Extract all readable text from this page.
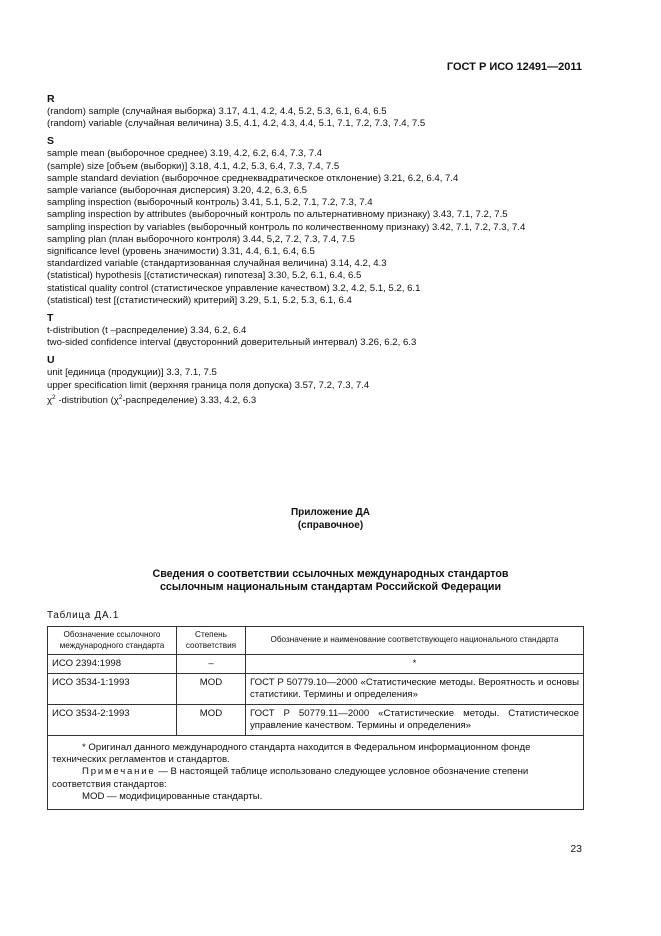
ГОСТ Р ИСО 12491—2011

R

(random) sample (случайная выборка) 3.17, 4.1, 4.2, 4.4, 5.2, 5.3, 6.1, 6.4, 6.5

(random) variable (случайная величина) 3.5, 4.1, 4.2, 4.3, 4.4, 5.1, 7.1, 7.2, 7.3, 7.4, 7.5

S

sample mean (выборочное среднее) 3.19, 4.2, 6.2, 6.4, 7.3, 7.4

(sample) size [объем (выборки)] 3.18, 4.1, 4.2, 5.3, 6.4, 7.3, 7.4, 7.5

sample standard deviation (выборочное среднеквадратическое отклонение) 3.21, 6.2, 6.4, 7.4

sample variance (выборочная дисперсия) 3.20, 4.2, 6.3, 6.5

sampling inspection (выборочный контроль) 3.41, 5.1, 5.2, 7.1, 7.2, 7.3, 7.4

sampling inspection by attributes (выборочный контроль по альтернативному признаку) 3.43, 7.1, 7.2, 7.5

sampling inspection by variables (выборочный контроль по количественному признаку) 3.42, 7.1, 7.2, 7.3, 7.4

sampling plan (план выборочного контроля) 3.44, 5,2, 7.2, 7.3, 7.4, 7.5

significance level (уровень значимости) 3.31, 4.4, 6.1, 6.4, 6.5

standardized variable (стандартизованная случайная величина) 3.14, 4.2, 4.3

(statistical) hypothesis [(статистическая) гипотеза] 3.30, 5.2, 6.1, 6.4, 6.5

statistical quality control (статистическое управление качеством) 3.2, 4.2, 5.1, 5.2, 6.1

(statistical) test [(статистический) критерий] 3.29, 5.1, 5.2, 5.3, 6.1, 6.4

T

t-distribution (t –распределение) 3.34, 6.2, 6.4

two-sided confidence interval (двусторонний доверительный интервал) 3.26, 6.2, 6.3

U

unit [единица (продукции)] 3.3, 7.1, 7.5

upper specification limit (верхняя граница поля допуска) 3.57, 7.2, 7.3, 7.4

$\chi^2$ -distribution $(\chi^2-распределение)$ 3.33, 4.2, 6.3

Приложение ДА
(справочное)
Сведения о соответствии ссылочных международных стандартов
ссылочным национальным стандартам Российской Федерации
Таблица ДА.1
Обозначение ссылочного международного стандарта	Степень соответствия	Обозначение и наименование соответствующего национального стандарта
ИСО 2394:1998	–	*
ИСО 3534-1:1993	MOD	ГОСТ Р 50779.10—2000 «Статистические методы. Вероятность и основы статистики. Термины и определения»
ИСО 3534-2:1993	MOD	ГОСТ Р 50779.11—2000 «Статистические методы. Статистическое управление качеством. Термины и определения»

* Оригинал данного международного стандарта находится в Федеральном информационном фонде технических регламентов и стандартов.

Примечание — В настоящей таблице использовано следующее условное обозначение степени соответствия стандартов:

MOD — модифицированные стандарты.		

23
